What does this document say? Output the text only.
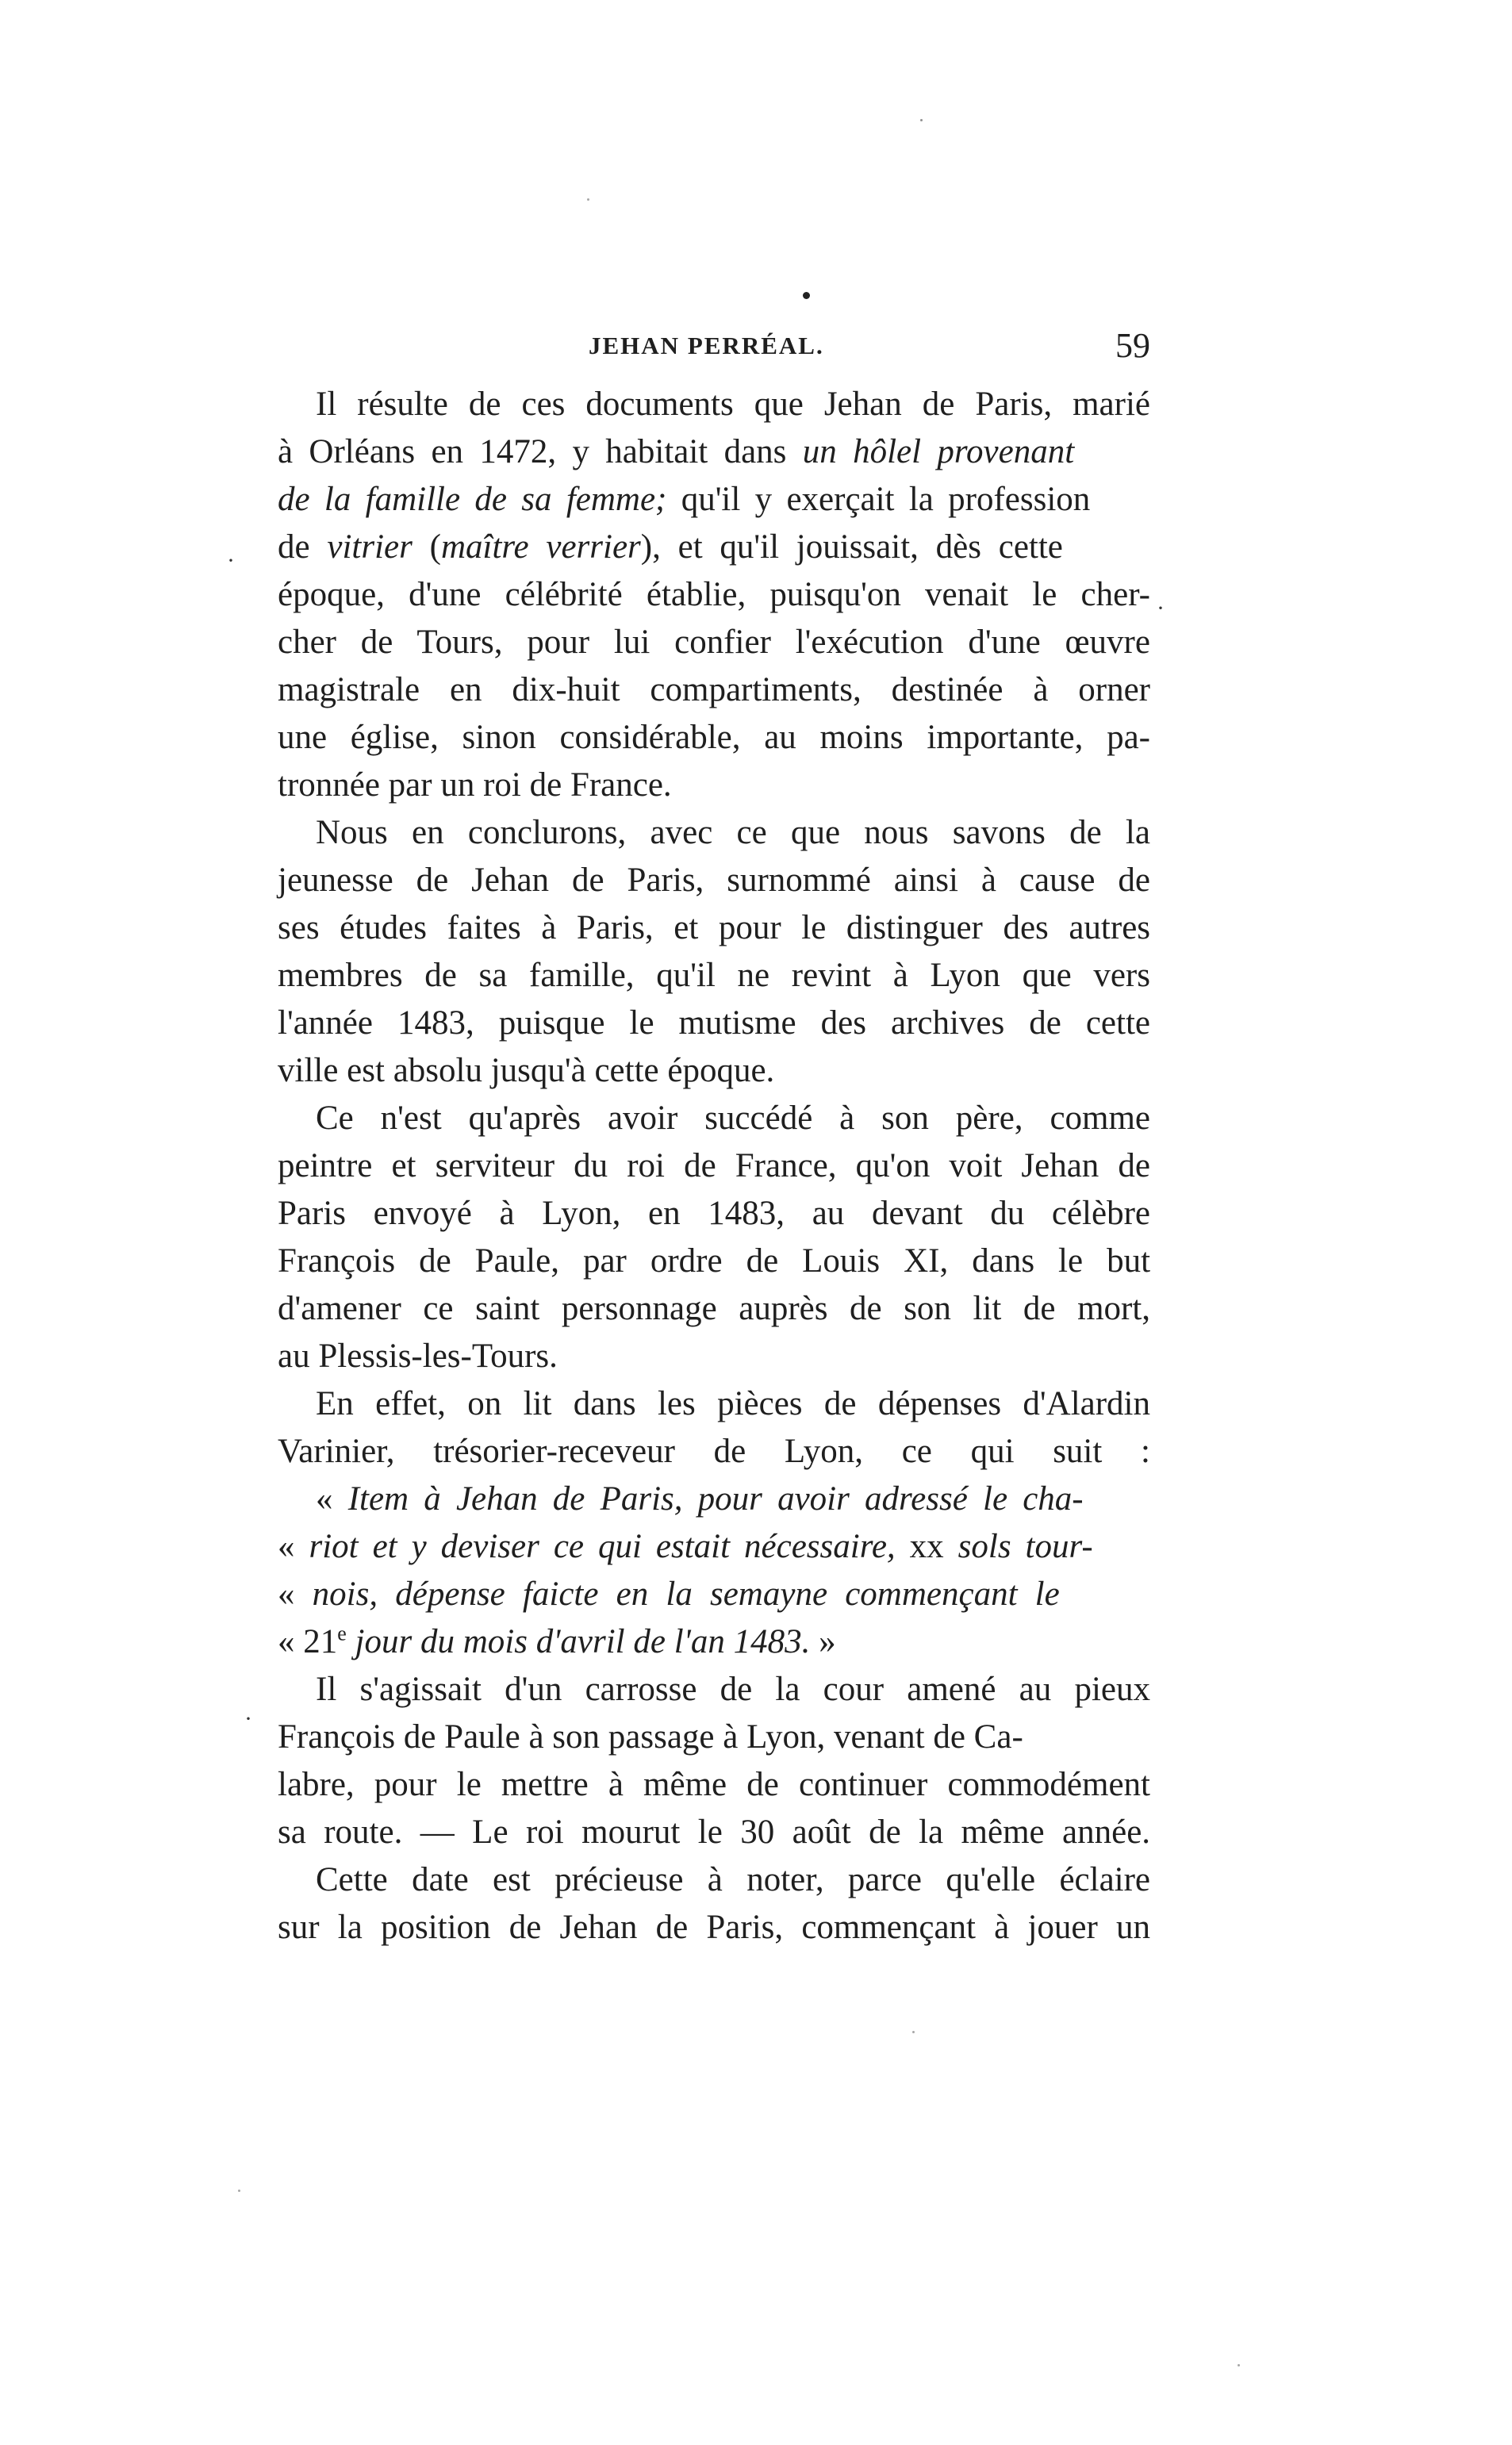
·
·
·
JEHAN PERRÉAL.	59
Il résulte de ces documents que Jehan de Paris, marié
à Orléans en 1472, y habitait dans un hôlel provenant
de la famille de sa femme; qu'il y exerçait la profession
de vitrier (maître verrier), et qu'il jouissait, dès cette
époque, d'une célébrité établie, puisqu'on venait le cher-
cher de Tours, pour lui confier l'exécution d'une œuvre
magistrale en dix-huit compartiments, destinée à orner
une église, sinon considérable, au moins importante, pa-
tronnée par un roi de France.
Nous en conclurons, avec ce que nous savons de la
jeunesse de Jehan de Paris, surnommé ainsi à cause de
ses études faites à Paris, et pour le distinguer des autres
membres de sa famille, qu'il ne revint à Lyon que vers
l'année 1483, puisque le mutisme des archives de cette
ville est absolu jusqu'à cette époque.
Ce n'est qu'après avoir succédé à son père, comme
peintre et serviteur du roi de France, qu'on voit Jehan de
Paris envoyé à Lyon, en 1483, au devant du célèbre
François de Paule, par ordre de Louis XI, dans le but
d'amener ce saint personnage auprès de son lit de mort,
au Plessis-les-Tours.
En effet, on lit dans les pièces de dépenses d'Alardin
Varinier, trésorier-receveur de Lyon, ce qui suit :
« Item à Jehan de Paris, pour avoir adressé le cha-
« riot et y deviser ce qui estait nécessaire, xx sols tour-
« nois, dépense faicte en la semayne commençant le
« 21e jour du mois d'avril de l'an 1483. »
Il s'agissait d'un carrosse de la cour amené au pieux
François de Paule à son passage à Lyon, venant de Ca-
labre, pour le mettre à même de continuer commodément
sa route. — Le roi mourut le 30 août de la même année.
Cette date est précieuse à noter, parce qu'elle éclaire
sur la position de Jehan de Paris, commençant à jouer un
